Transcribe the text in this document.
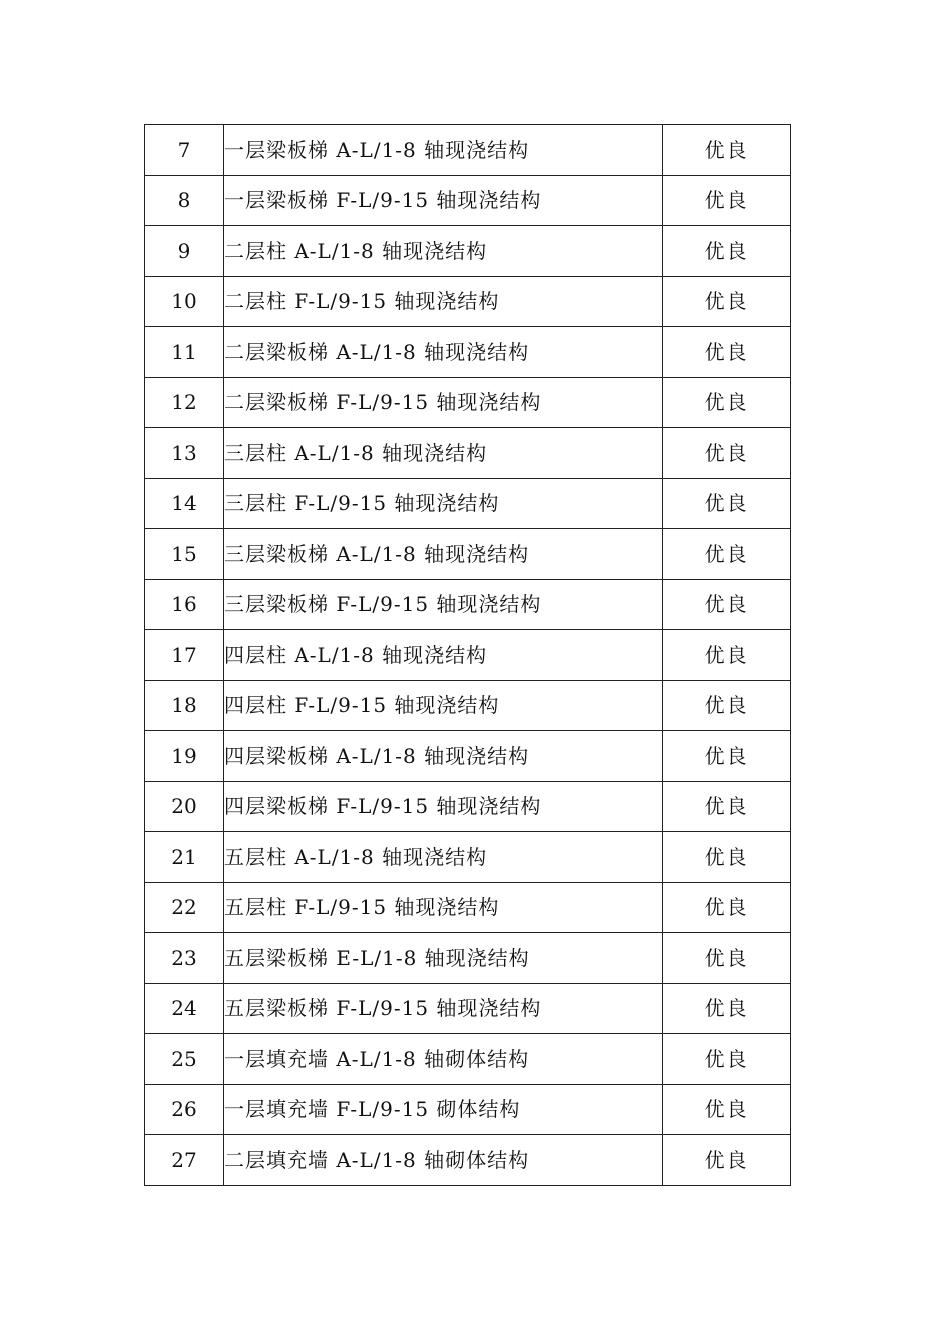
7	一层梁板梯 A-L/1-8 轴现浇结构	优良
8	一层梁板梯 F-L/9-15 轴现浇结构	优良
9	二层柱 A-L/1-8 轴现浇结构	优良
10	二层柱 F-L/9-15 轴现浇结构	优良
11	二层梁板梯 A-L/1-8 轴现浇结构	优良
12	二层梁板梯 F-L/9-15 轴现浇结构	优良
13	三层柱 A-L/1-8 轴现浇结构	优良
14	三层柱 F-L/9-15 轴现浇结构	优良
15	三层梁板梯 A-L/1-8 轴现浇结构	优良
16	三层梁板梯 F-L/9-15 轴现浇结构	优良
17	四层柱 A-L/1-8 轴现浇结构	优良
18	四层柱 F-L/9-15 轴现浇结构	优良
19	四层梁板梯 A-L/1-8 轴现浇结构	优良
20	四层梁板梯 F-L/9-15 轴现浇结构	优良
21	五层柱 A-L/1-8 轴现浇结构	优良
22	五层柱 F-L/9-15 轴现浇结构	优良
23	五层梁板梯 E-L/1-8 轴现浇结构	优良
24	五层梁板梯 F-L/9-15 轴现浇结构	优良
25	一层填充墙 A-L/1-8 轴砌体结构	优良
26	一层填充墙 F-L/9-15 砌体结构	优良
27	二层填充墙 A-L/1-8 轴砌体结构	优良
